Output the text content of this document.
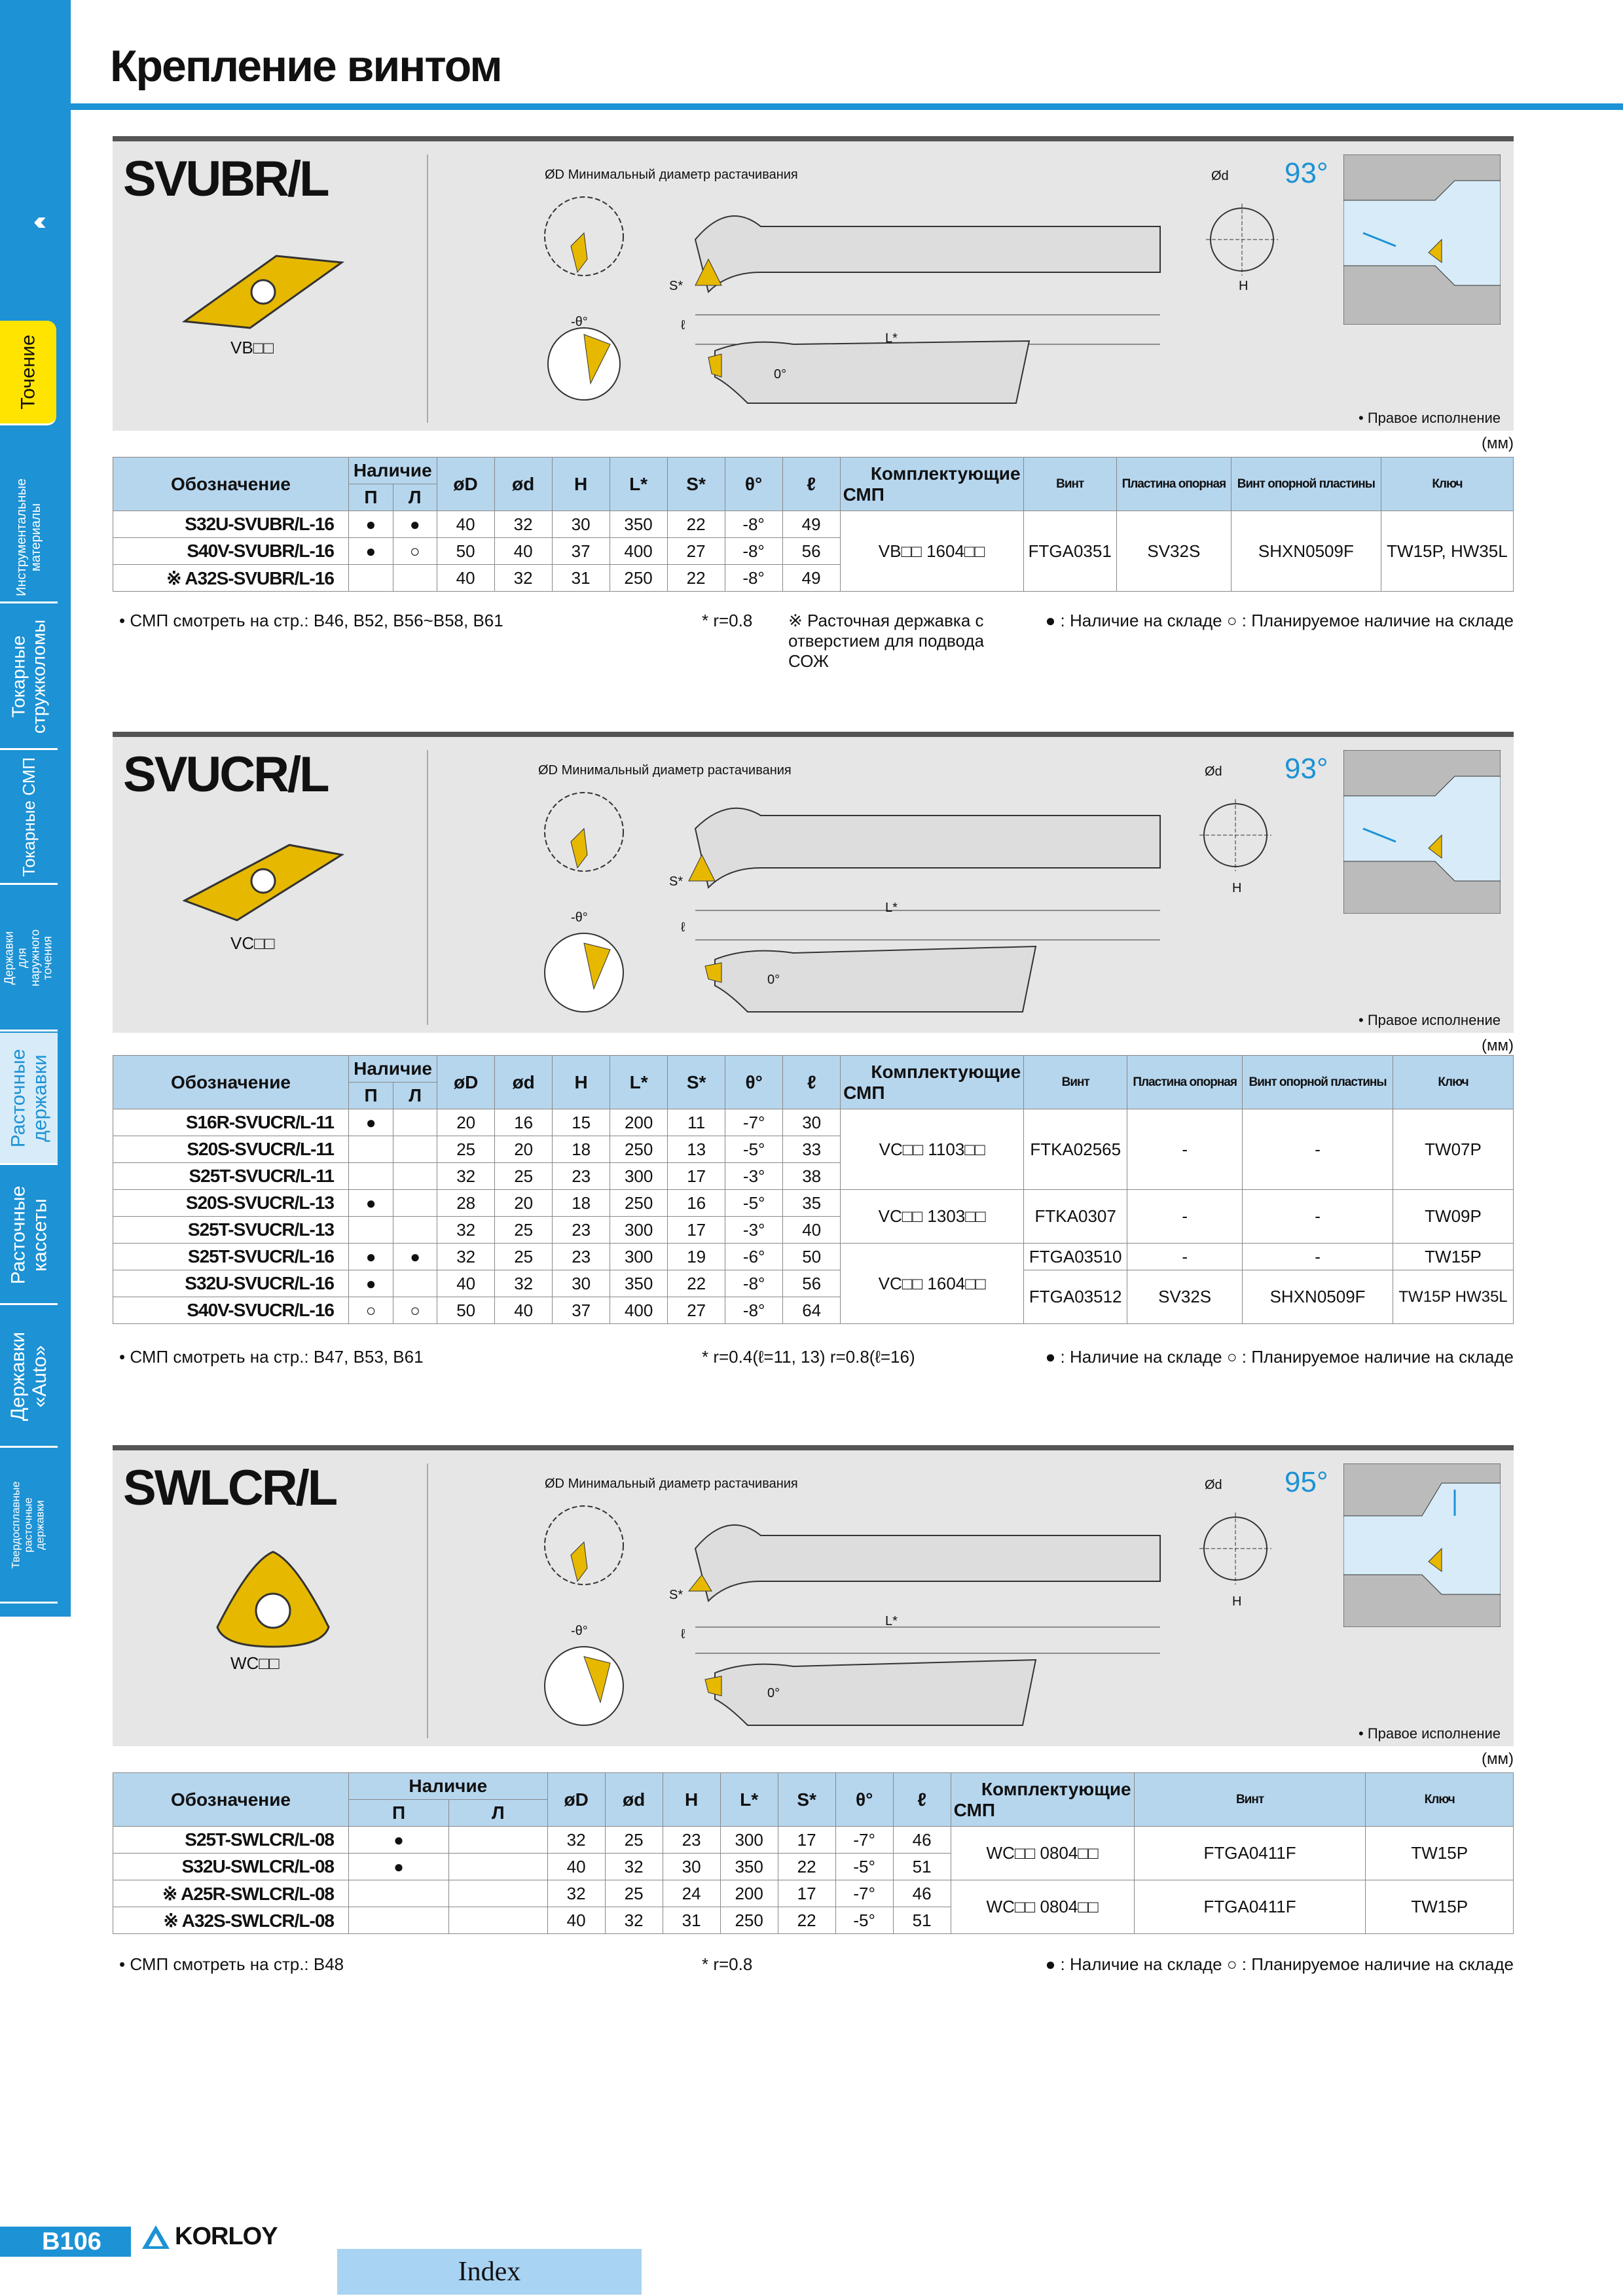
‹‹‹
Точение
Инструментальные материалы
Токарные стружколомы
Токарные СМП
Державки для наружного точения
Расточные державки
Расточные кассеты
Державки «Auto»
Твердосплавные расточные державки
Крепление винтом
SVUBR/L
VB□□
ØD Минимальный диаметр растачивания
S*
ℓ
L*
0°
-θ°
Ød
H
93°
• Правое исполнение
(мм)
Обозначение	Наличие		øD	ød	H	L*	S*	θ°	ℓ	Комплектующие
СМП	Винт	Пластина опорная	Винт опорной пластины	Ключ
	П	Л												
S32U-SVUBR/L-16	●	●	40	32	30	350	22	-8°	49	VB□□ 1604□□	FTGA0351	SV32S	SHXN0509F	TW15P, HW35L
S40V-SVUBR/L-16	●	○	50	40	37	400	27	-8°	56					
※ A32S-SVUBR/L-16			40	32	31	250	22	-8°	49					
• СМП смотреть на стр.: B46, B52, B56~B58, B61	* r=0.8 ※ Расточная державка с отверстием для подвода СОЖ
● : Наличие на складе ○ : Планируемое наличие на складе
SVUCR/L
VC□□
ØD Минимальный диаметр растачивания
S*
ℓ
L*
0°
-θ°
Ød
H
93°
• Правое исполнение
(мм)
Обозначение	Наличие		øD	ød	H	L*	S*	θ°	ℓ	Комплектующие
СМП	Винт	Пластина опорная	Винт опорной пластины	Ключ
	П	Л												
S16R-SVUCR/L-11	●		20	16	15	200	11	-7°	30	VC□□ 1103□□	FTKA02565	-	-	TW07P
S20S-SVUCR/L-11			25	20	18	250	13	-5°	33					
S25T-SVUCR/L-11			32	25	23	300	17	-3°	38					
S20S-SVUCR/L-13	●		28	20	18	250	16	-5°	35	VC□□ 1303□□	FTKA0307	-	-	TW09P
S25T-SVUCR/L-13			32	25	23	300	17	-3°	40					
S25T-SVUCR/L-16	●	●	32	25	23	300	19	-6°	50	VC□□ 1604□□	FTGA03510	-	-	TW15P
S32U-SVUCR/L-16	●		40	32	30	350	22	-8°	56		FTGA03512	SV32S	SHXN0509F	TW15P HW35L
S40V-SVUCR/L-16	○	○	50	40	37	400	27	-8°	64					
• СМП смотреть на стр.: B47, B53, B61	* r=0.4(ℓ=11, 13) r=0.8(ℓ=16)	● : Наличие на складе ○ : Планируемое наличие на складе
SWLCR/L
WC□□
ØD Минимальный диаметр растачивания
S*
ℓ
L*
0°
-θ°
Ød
H
95°
• Правое исполнение
(мм)
Обозначение	Наличие		øD	ød	H	L*	S*	θ°	ℓ	Комплектующие
СМП	Винт	Ключ
	П	Л										
S25T-SWLCR/L-08	●		32	25	23	300	17	-7°	46	WC□□ 0804□□	FTGA0411F	TW15P
S32U-SWLCR/L-08	●		40	32	30	350	22	-5°	51			
※ A25R-SWLCR/L-08			32	25	24	200	17	-7°	46	WC□□ 0804□□	FTGA0411F	TW15P
※ A32S-SWLCR/L-08			40	32	31	250	22	-5°	51			
• СМП смотреть на стр.: B48	* r=0.8	● : Наличие на складе ○ : Планируемое наличие на складе
B106	KORLOY
Index
